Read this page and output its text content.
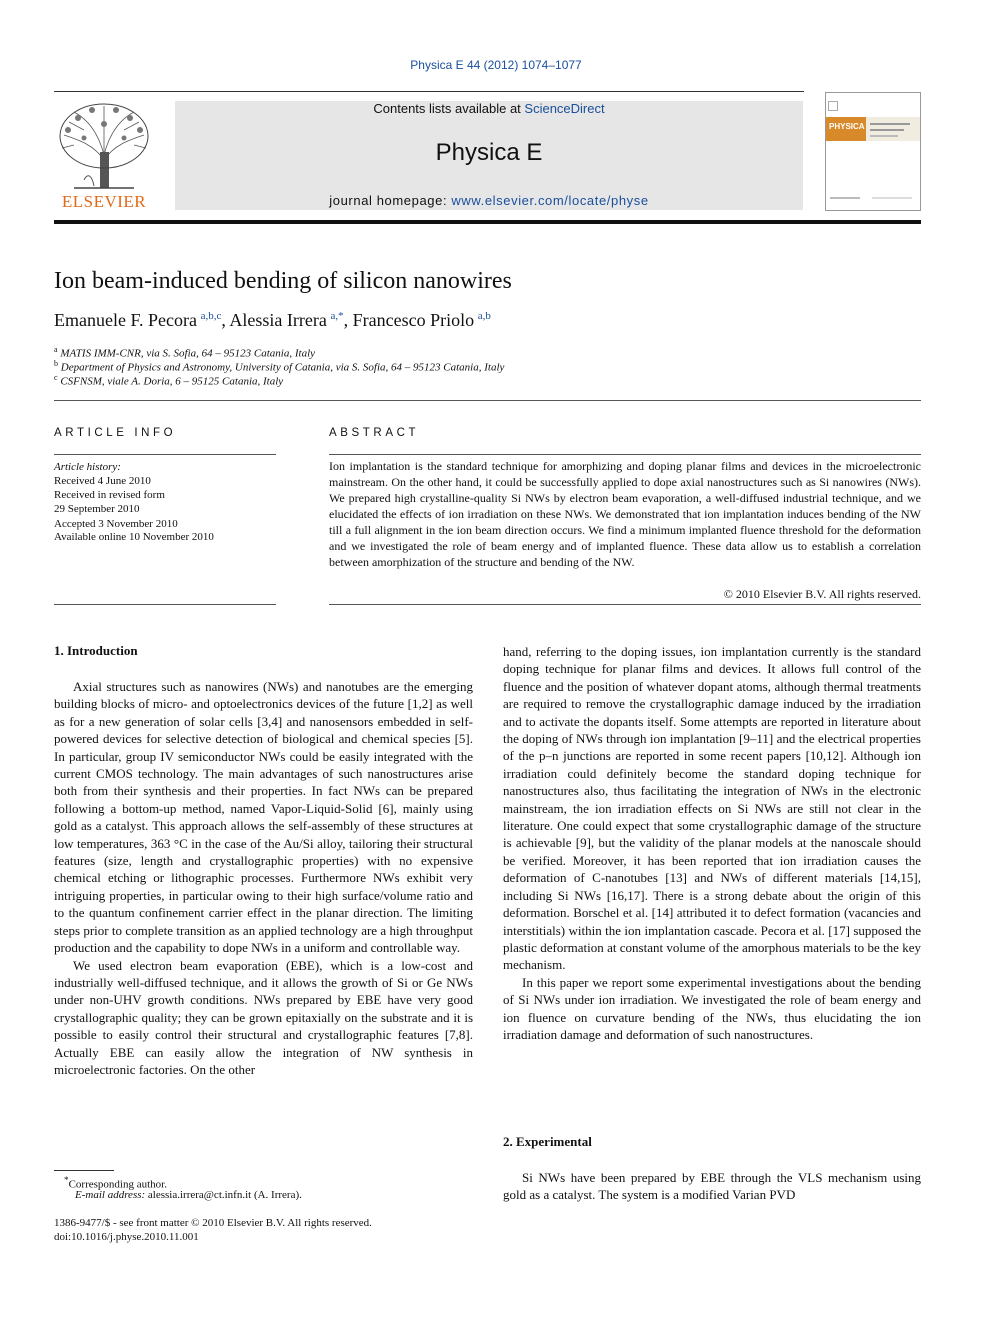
Physica E 44 (2012) 1074–1077
ELSEVIER
Contents lists available at ScienceDirect
Physica E
journal homepage: www.elsevier.com/locate/physe
PHYSICA
Ion beam-induced bending of silicon nanowires
Emanuele F. Pecora  $^{a,b,c}$, Alessia Irrera  $^{a,*}$, Francesco Priolo  $^{a,b}$
$^a$ MATIS IMM-CNR, via S. Sofia, 64 – 95123 Catania, Italy
$^b$ Department of Physics and Astronomy, University of Catania, via S. Sofia, 64 – 95123 Catania, Italy
$^c$ CSFNSM, viale A. Doria, 6 – 95125 Catania, Italy
ARTICLE INFO
Article history:
Received 4 June 2010
Received in revised form
29 September 2010
Accepted 3 November 2010
Available online 10 November 2010
ABSTRACT
Ion implantation is the standard technique for amorphizing and doping planar films and devices in the microelectronic mainstream. On the other hand, it could be successfully applied to dope axial nanostructures such as Si nanowires (NWs). We prepared high crystalline-quality Si NWs by electron beam evaporation, a well-diffused industrial technique, and we elucidated the effects of ion irradiation on these NWs. We demonstrated that ion implantation induces bending of the NW till a full alignment in the ion beam direction occurs. We find a minimum implanted fluence threshold for the deformation and we investigated the role of beam energy and of implanted fluence. These data allow us to establish a correlation between amorphization of the structure and bending of the NW.
© 2010 Elsevier B.V. All rights reserved.
1. Introduction

Axial structures such as nanowires (NWs) and nanotubes are the emerging building blocks of micro- and optoelectronics devices of the future [1,2] as well as for a new generation of solar cells [3,4] and nanosensors embedded in self-powered devices for selective detection of biological and chemical species [5]. In particular, group IV semiconductor NWs could be easily integrated with the current CMOS technology. The main advantages of such nanostructures arise both from their synthesis and their properties. In fact NWs can be prepared following a bottom-up method, named Vapor-Liquid-Solid [6], mainly using gold as a catalyst. This approach allows the self-assembly of these structures at low temperatures, 363 °C in the case of the Au/Si alloy, tailoring their structural features (size, length and crystallographic properties) with no expensive chemical etching or lithographic processes. Furthermore NWs exhibit very intriguing properties, in particular owing to their high surface/volume ratio and to the quantum confinement carrier effect in the planar direction. The limiting steps prior to complete transition as an applied technology are a high throughput production and the capability to dope NWs in a uniform and controllable way.

We used electron beam evaporation (EBE), which is a low-cost and industrially well-diffused technique, and it allows the growth of Si or Ge NWs under non-UHV growth conditions. NWs prepared by EBE have very good crystallographic quality; they can be grown epitaxially on the substrate and it is possible to easily control their structural and crystallographic features [7,8]. Actually EBE can easily allow the integration of NW synthesis in microelectronic factories. On the other

hand, referring to the doping issues, ion implantation currently is the standard doping technique for planar films and devices. It allows full control of the fluence and the position of whatever dopant atoms, although thermal treatments are required to remove the crystallographic damage induced by the irradiation and to activate the dopants itself. Some attempts are reported in literature about the doping of NWs through ion implantation [9–11] and the electrical properties of the p–n junctions are reported in some recent papers [10,12]. Although ion irradiation could definitely become the standard doping technique for nanostructures also, thus facilitating the integration of NWs in the electronic mainstream, the ion irradiation effects on Si NWs are still not clear in the literature. One could expect that some crystallographic damage of the structure is achievable [9], but the validity of the planar models at the nanoscale should be verified. Moreover, it has been reported that ion irradiation causes the deformation of C-nanotubes [13] and NWs of different materials [14,15], including Si NWs [16,17]. There is a strong debate about the origin of this deformation. Borschel et al. [14] attributed it to defect formation (vacancies and interstitials) within the ion implantation cascade. Pecora et al. [17] supposed the plastic deformation at constant volume of the amorphous materials to be the key mechanism.

In this paper we report some experimental investigations about the bending of Si NWs under ion irradiation. We investigated the role of beam energy and ion fluence on curvature bending of the NWs, thus elucidating the ion irradiation damage and deformation of such nanostructures.

2. Experimental

Si NWs have been prepared by EBE through the VLS mechanism using gold as a catalyst. The system is a modified Varian PVD

*Corresponding author.
E-mail address: alessia.irrera@ct.infn.it (A. Irrera).
1386-9477/$ - see front matter © 2010 Elsevier B.V. All rights reserved.
doi:10.1016/j.physe.2010.11.001
